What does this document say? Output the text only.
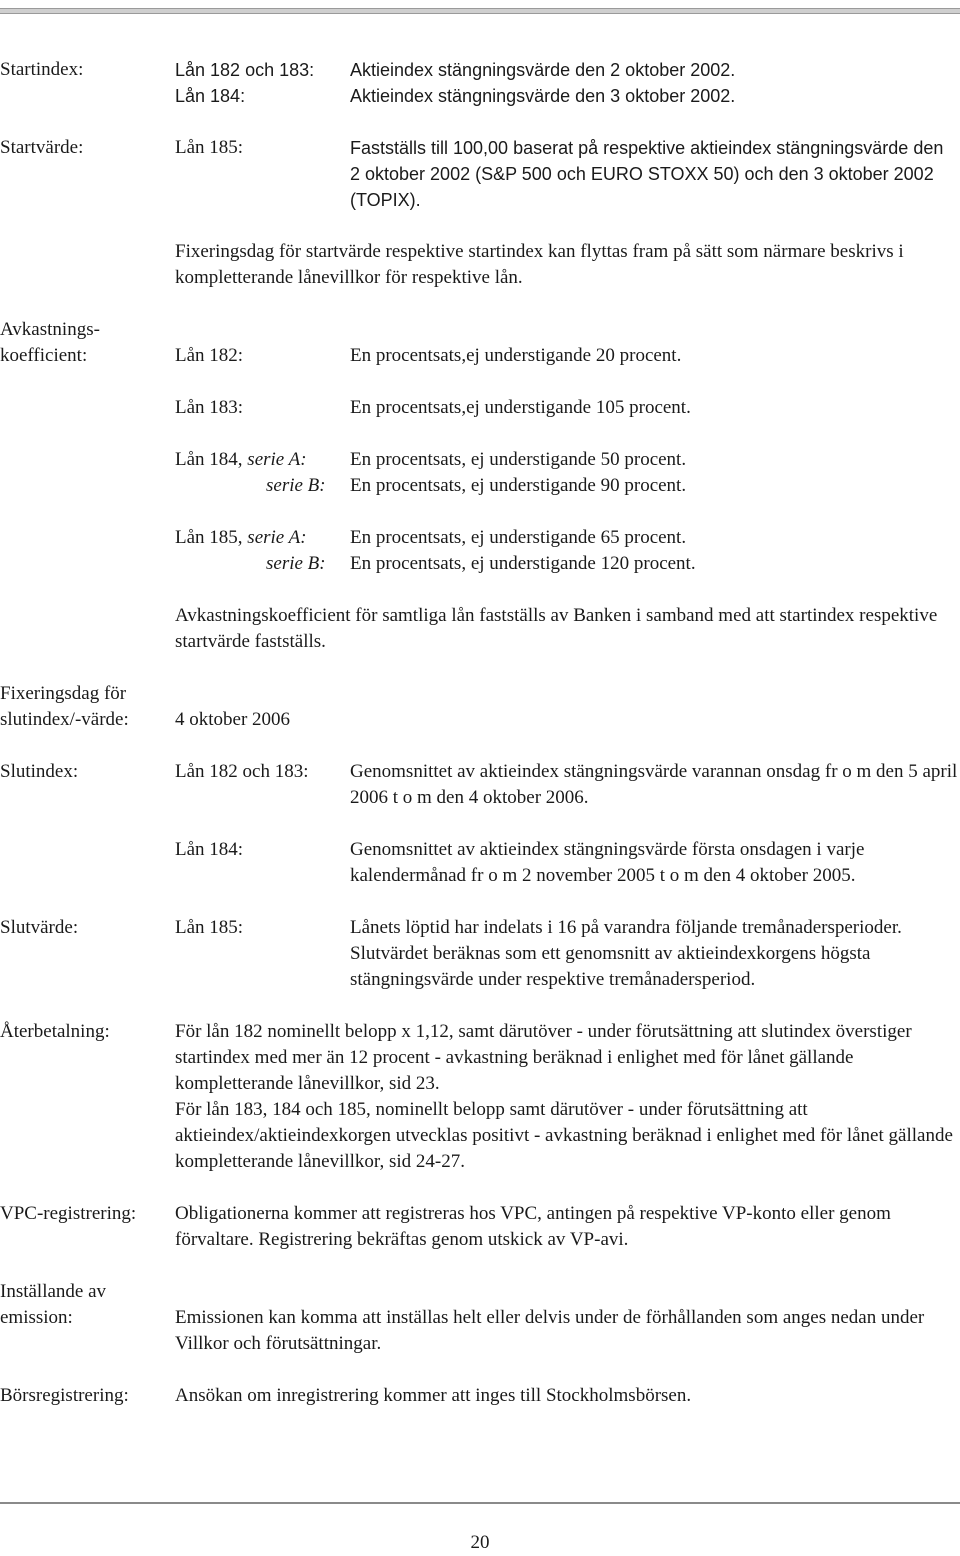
Startindex:	Lån 182 och 183:	Aktieindex stängningsvärde den 2 oktober 2002.
Lån 184:	Aktieindex stängningsvärde den 3 oktober 2002.
Startvärde:	Lån 185:	Fastställs till 100,00 baserat på respektive aktieindex stängningsvärde den 2 oktober 2002 (S&P 500 och EURO STOXX 50) och den 3 oktober 2002 (TOPIX).
Fixeringsdag för startvärde respektive startindex kan flyttas fram på sätt som närmare beskrivs i kompletterande lånevillkor för respektive lån.
Avkastnings-
koefficient:	Lån 182:	En procentsats,ej understigande 20 procent.
Lån 183:	En procentsats,ej understigande 105 procent.
Lån 184, serie A:	En procentsats, ej understigande 50 procent.
serie B:	En procentsats, ej understigande 90 procent.
Lån 185, serie A:	En procentsats, ej understigande 65 procent.
serie B:	En procentsats, ej understigande 120 procent.
Avkastningskoefficient för samtliga lån fastställs av Banken i samband med att startindex respektive startvärde fastställs.
Fixeringsdag för
slutindex/-värde:	4 oktober 2006
Slutindex:	Lån 182 och 183:	Genomsnittet av aktieindex stängningsvärde varannan onsdag fr o m den 5 april 2006 t o m den 4 oktober 2006.
Lån 184:	Genomsnittet av aktieindex stängningsvärde första onsdagen i varje kalendermånad fr o m 2 november 2005 t o m den 4 oktober 2005.
Slutvärde:	Lån 185:	Lånets löptid har indelats i 16 på varandra följande tremånadersperioder. Slutvärdet beräknas som ett genomsnitt av aktieindexkorgens högsta stängningsvärde under respektive tremånadersperiod.
Återbetalning:	För lån 182 nominellt belopp x 1,12, samt därutöver - under förutsättning att slutindex överstiger startindex med mer än 12 procent - avkastning beräknad i enlighet med för lånet gällande kompletterande lånevillkor, sid 23.

För lån 183, 184 och 185, nominellt belopp samt därutöver - under förutsättning att aktieindex/aktieindexkorgen utvecklas positivt - avkastning beräknad i enlighet med för lånet gällande kompletterande lånevillkor, sid 24-27.

VPC-registrering:	Obligationerna kommer att registreras hos VPC, antingen på respektive VP-konto eller genom förvaltare. Registrering bekräftas genom utskick av VP-avi.
Inställande av
emission:	Emissionen kan komma att inställas helt eller delvis under de förhållanden som anges nedan under Villkor och förutsättningar.
Börsregistrering:	Ansökan om inregistrering kommer att inges till Stockholmsbörsen.
20
